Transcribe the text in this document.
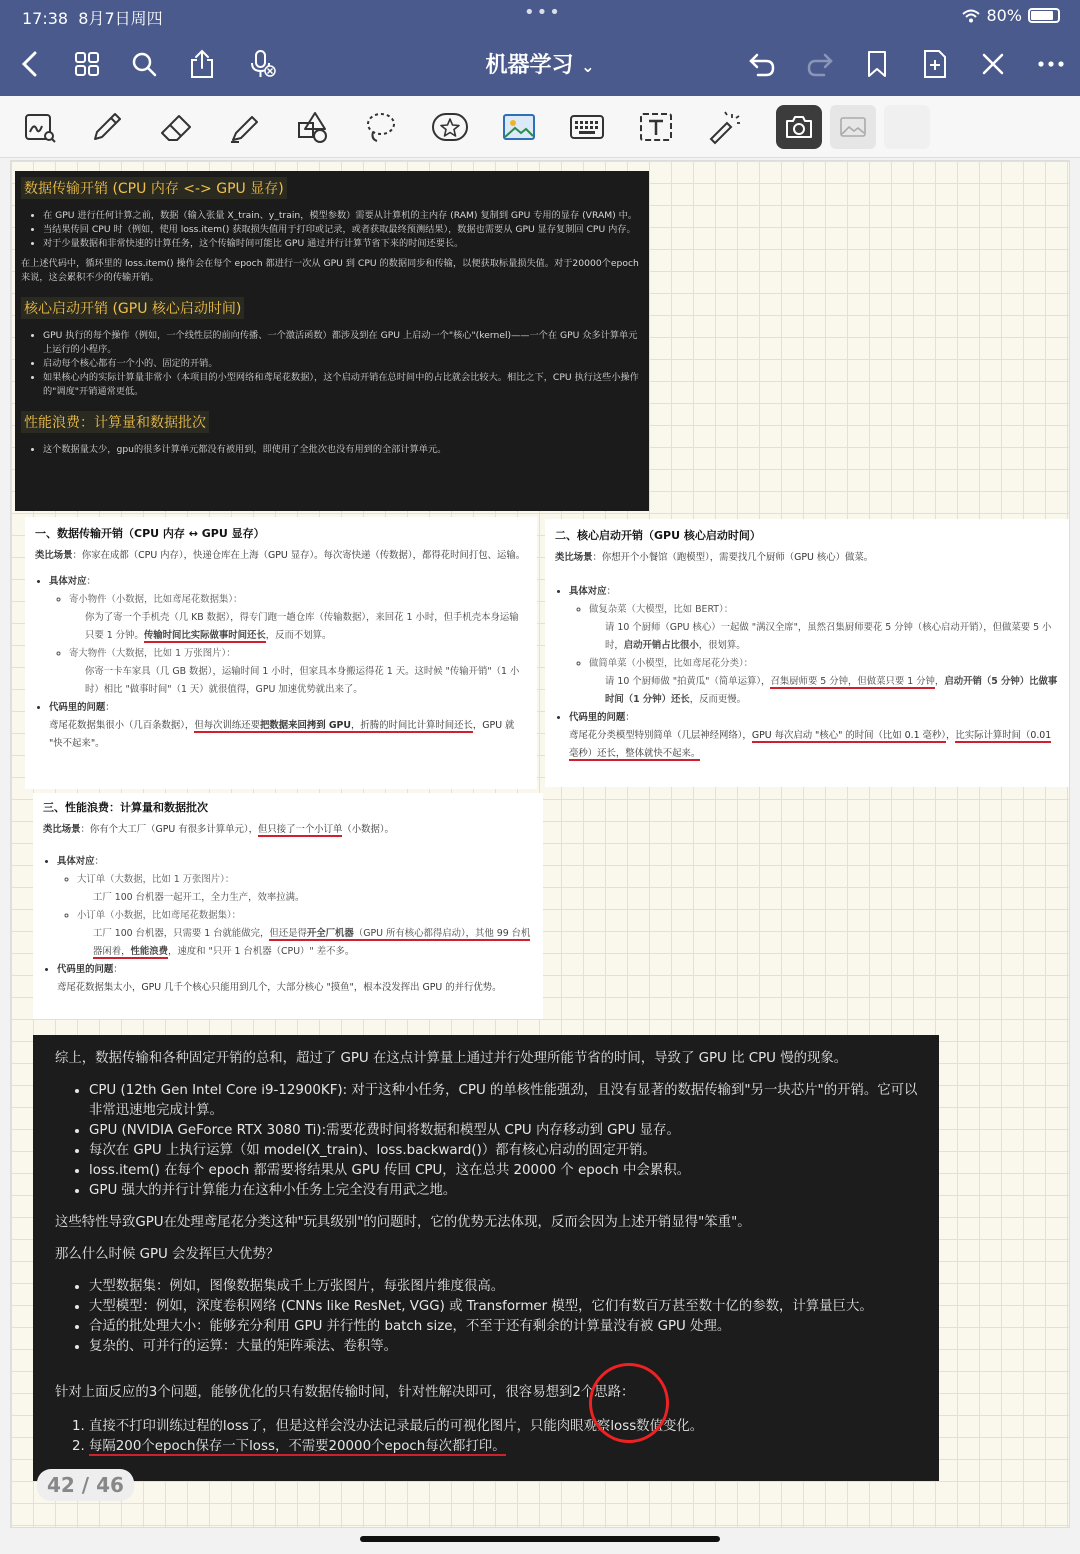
17:38 8月7日周四	•••	80%
机器学习 ⌄
数据传输开销 (CPU 内存 <-> GPU 显存)
• 在 GPU 进行任何计算之前，数据（输入张量 X_train、y_train，模型参数）需要从计算机的主内存 (RAM) 复制到 GPU 专用的显存 (VRAM) 中。
• 当结果传回 CPU 时（例如，使用 loss.item() 获取损失值用于打印或记录，或者获取最终预测结果），数据也需要从 GPU 显存复制回 CPU 内存。
• 对于少量数据和非常快速的计算任务，这个传输时间可能比 GPU 通过并行计算节省下来的时间还要长。

在上述代码中，循环里的 loss.item() 操作会在每个 epoch 都进行一次从 GPU 到 CPU 的数据同步和传输，以便获取标量损失值。对于20000个epoch来说，这会累积不少的传输开销。

核心启动开销 (GPU 核心启动时间)
• GPU 执行的每个操作（例如，一个线性层的前向传播、一个激活函数）都涉及到在 GPU 上启动一个"核心"(kernel)——一个在 GPU 众多计算单元上运行的小程序。
• 启动每个核心都有一个小的、固定的开销。
• 如果核心内的实际计算量非常小（本项目的小型网络和鸢尾花数据），这个启动开销在总时间中的占比就会比较大。相比之下，CPU 执行这些小操作的"调度"开销通常更低。
性能浪费：计算量和数据批次
• 这个数据量太少，gpu的很多计算单元都没有被用到，即使用了全批次也没有用到的全部计算单元。
一、数据传输开销（CPU 内存 ↔ GPU 显存）
类比场景：你家在成都（CPU 内存），快递仓库在上海（GPU 显存）。每次寄快递（传数据），都得花时间打包、运输。
• 具体对应：
◦ 寄小物件（小数据，比如鸢尾花数据集）：
你为了寄一个手机壳（几 KB 数据），得专门跑一趟仓库（传输数据），来回花 1 小时，但手机壳本身运输只要 1 分钟。传输时间比实际做事时间还长，反而不划算。
◦ 寄大物件（大数据，比如 1 万张图片）：
你寄一卡车家具（几 GB 数据），运输时间 1 小时，但家具本身搬运得花 1 天。这时候 "传输开销"（1 小时）相比 "做事时间"（1 天）就很值得，GPU 加速优势就出来了。
• 代码里的问题：
鸢尾花数据集很小（几百条数据），但每次训练还要把数据来回拷到 GPU，折腾的时间比计算时间还长，GPU 就 "快不起来"。
二、核心启动开销（GPU 核心启动时间）
类比场景：你想开个小餐馆（跑模型），需要找几个厨师（GPU 核心）做菜。
• 具体对应：
◦ 做复杂菜（大模型，比如 BERT）：
请 10 个厨师（GPU 核心）一起做 "满汉全席"，虽然召集厨师要花 5 分钟（核心启动开销），但做菜要 5 小时，启动开销占比很小，很划算。
◦ 做简单菜（小模型，比如鸢尾花分类）：
请 10 个厨师做 "拍黄瓜"（简单运算），召集厨师要 5 分钟，但做菜只要 1 分钟，启动开销（5 分钟）比做事时间（1 分钟）还长，反而更慢。
• 代码里的问题：
鸢尾花分类模型特别简单（几层神经网络），GPU 每次启动 "核心" 的时间（比如 0.1 毫秒），比实际计算时间（0.01 毫秒）还长，整体就快不起来。
三、性能浪费：计算量和数据批次
类比场景：你有个大工厂（GPU 有很多计算单元），但只接了一个小订单（小数据）。
• 具体对应：
◦ 大订单（大数据，比如 1 万张图片）：
工厂 100 台机器一起开工，全力生产，效率拉满。
◦ 小订单（小数据，比如鸢尾花数据集）：
工厂 100 台机器，只需要 1 台就能做完，但还是得开全厂机器（GPU 所有核心都得启动），其他 99 台机器闲着，性能浪费，速度和 "只开 1 台机器（CPU）" 差不多。
• 代码里的问题：
鸢尾花数据集太小，GPU 几千个核心只能用到几个，大部分核心 "摸鱼"，根本没发挥出 GPU 的并行优势。

综上，数据传输和各种固定开销的总和，超过了 GPU 在这点计算量上通过并行处理所能节省的时间，导致了 GPU 比 CPU 慢的现象。

• CPU (12th Gen Intel Core i9-12900KF): 对于这种小任务，CPU 的单核性能强劲，且没有显著的数据传输到"另一块芯片"的开销。它可以非常迅速地完成计算。
• GPU (NVIDIA GeForce RTX 3080 Ti):需要花费时间将数据和模型从 CPU 内存移动到 GPU 显存。
• 每次在 GPU 上执行运算（如 model(X_train)、loss.backward()）都有核心启动的固定开销。
• loss.item() 在每个 epoch 都需要将结果从 GPU 传回 CPU，这在总共 20000 个 epoch 中会累积。
• GPU 强大的并行计算能力在这种小任务上完全没有用武之地。

这些特性导致GPU在处理鸢尾花分类这种"玩具级别"的问题时，它的优势无法体现，反而会因为上述开销显得"笨重"。

那么什么时候 GPU 会发挥巨大优势？

• 大型数据集：例如，图像数据集成千上万张图片，每张图片维度很高。
• 大型模型：例如，深度卷积网络 (CNNs like ResNet, VGG) 或 Transformer 模型，它们有数百万甚至数十亿的参数，计算量巨大。
• 合适的批处理大小：能够充分利用 GPU 并行性的 batch size，不至于还有剩余的计算量没有被 GPU 处理。
• 复杂的、可并行的运算：大量的矩阵乘法、卷积等。

针对上面反应的3个问题，能够优化的只有数据传输时间，针对性解决即可，很容易想到2个思路：

1. 直接不打印训练过程的loss了，但是这样会没办法记录最后的可视化图片，只能肉眼观察loss数值变化。
2. 每隔200个epoch保存一下loss，不需要20000个epoch每次都打印。
42 / 46
